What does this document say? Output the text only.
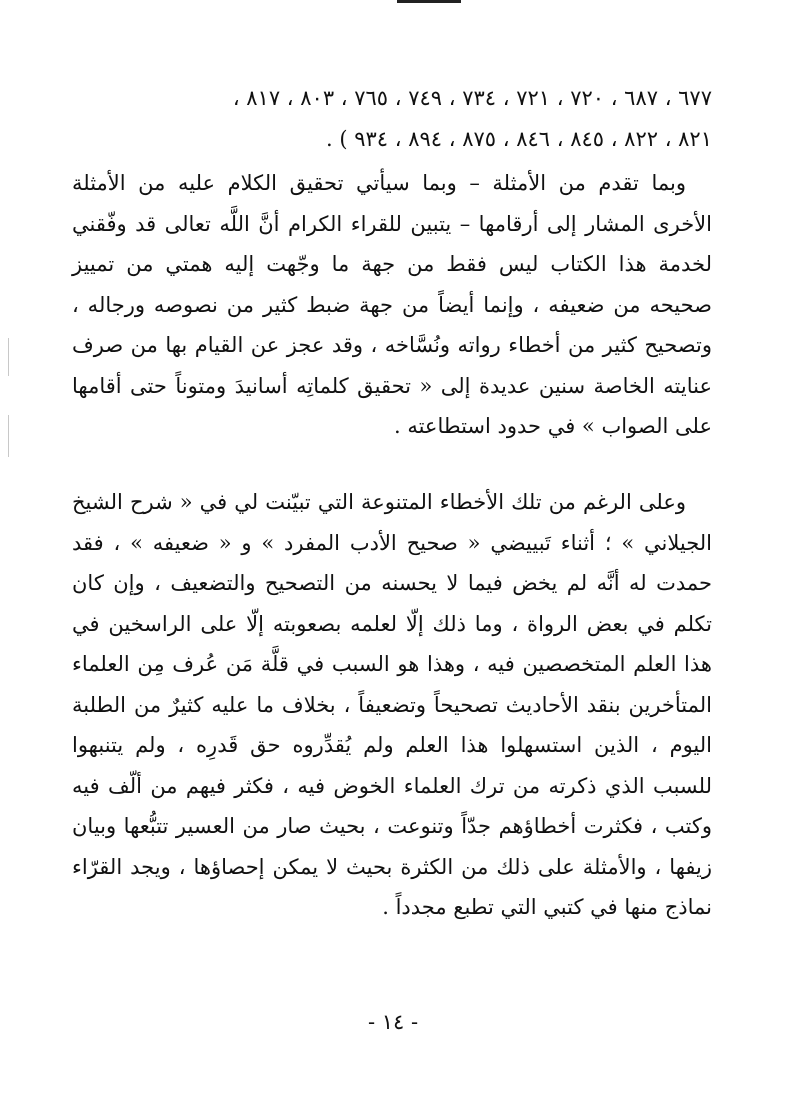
٦٧٧ ، ٦٨٧ ، ٧٢٠ ، ٧٢١ ، ٧٣٤ ، ٧٤٩ ، ٧٦٥ ، ٨٠٣ ، ٨١٧ ،

٨٢١ ، ٨٢٢ ، ٨٤٥ ، ٨٤٦ ، ٨٧٥ ، ٨٩٤ ، ٩٣٤ ) .

وبما تقدم من الأمثلة – وبما سيأتي تحقيق الكلام عليه من الأمثلة الأخرى المشار إلى أرقامها – يتبين للقراء الكرام أنَّ اللَّه تعالى قد وفّقني لخدمة هذا الكتاب ليس فقط من جهة ما وجّهت إليه همتي من تمييز صحيحه من ضعيفه ، وإنما أيضاً من جهة ضبط كثير من نصوصه ورجاله ، وتصحيح كثير من أخطاء رواته ونُسَّاخه ، وقد عجز عن القيام بها من صرف عنايته الخاصة سنين عديدة إلى « تحقيق كلماتِه أسانيدَ ومتوناً حتى أقامها على الصواب » في حدود استطاعته .

وعلى الرغم من تلك الأخطاء المتنوعة التي تبيّنت لي في « شرح الشيخ الجيلاني » ؛ أثناء تَبييضي « صحيح الأدب المفرد » و « ضعيفه » ، فقد حمدت له أنَّه لم يخض فيما لا يحسنه من التصحيح والتضعيف ، وإن كان تكلم في بعض الرواة ، وما ذلك إلّا لعلمه بصعوبته إلّا على الراسخين في هذا العلم المتخصصين فيه ، وهذا هو السبب في قلَّة مَن عُرف مِن العلماء المتأخرين بنقد الأحاديث تصحيحاً وتضعيفاً ، بخلاف ما عليه كثيرٌ من الطلبة اليوم ، الذين استسهلوا هذا العلم ولم يُقدِّروه حق قَدرِه ، ولم يتنبهوا للسبب الذي ذكرته من ترك العلماء الخوض فيه ، فكثر فيهم من ألّف فيه وكتب ، فكثرت أخطاؤهم جدّاً وتنوعت ، بحيث صار من العسير تتبُّعها وبيان زيفها ، والأمثلة على ذلك من الكثرة بحيث لا يمكن إحصاؤها ، ويجد القرّاء نماذج منها في كتبي التي تطبع مجدداً .

- ١٤ -
